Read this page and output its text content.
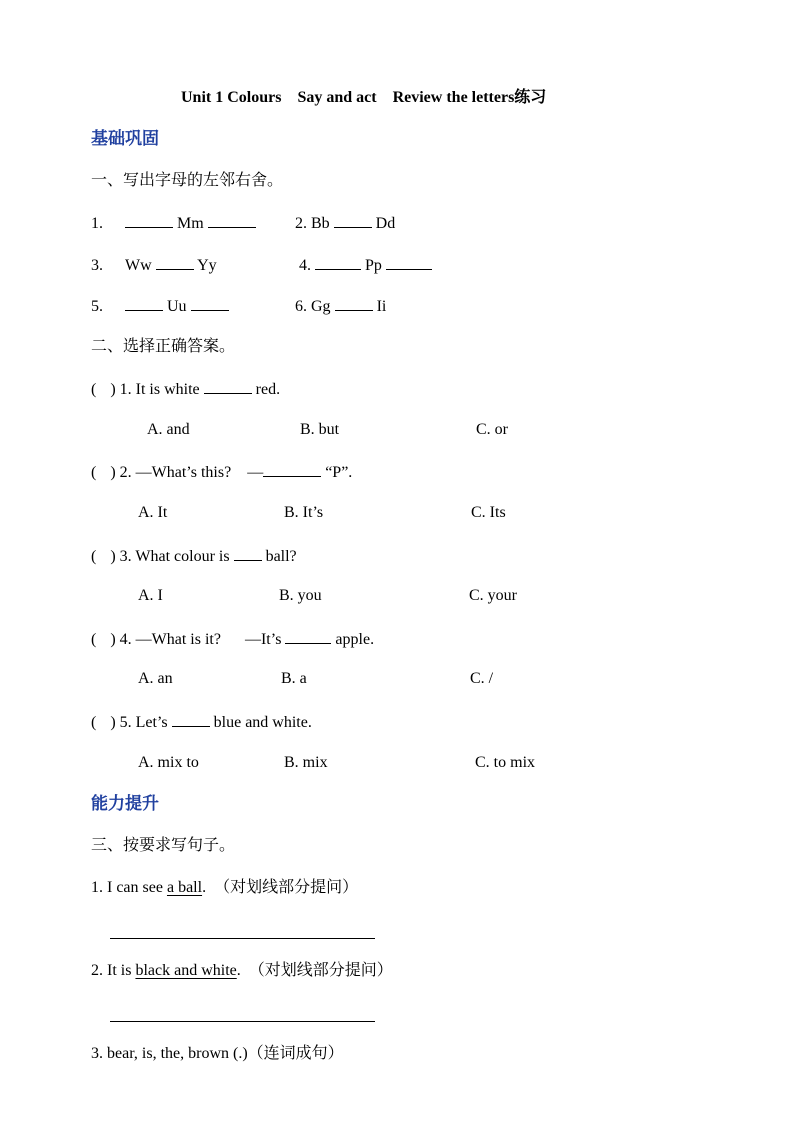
Unit 1 Colours    Say and act    Review the letters练习
基础巩固
一、写出字母的左邻右舍。
1.	Mm	2. Bb	Dd
3. Ww	Yy	4.	Pp
5.	Uu	6. Gg	Ii
二、选择正确答案。
( ) 1. It is white	red.
A. and	B. but	C. or
( ) 2. —What’s this?    —	“P”.
A. It	B. It’s	C. Its
( ) 3. What colour is ball?
A. I	B. you	C. your
( ) 4. —What is it?      —It’s	apple.
A. an	B. a	C. /
( ) 5. Let’s	blue and white.
A. mix to	B. mix	C. to mix
能力提升
三、按要求写句子。
1. I can see a ball.  （对划线部分提问）
2. It is black and white.  （对划线部分提问）
3. bear, is, the, brown (.)（连词成句）
